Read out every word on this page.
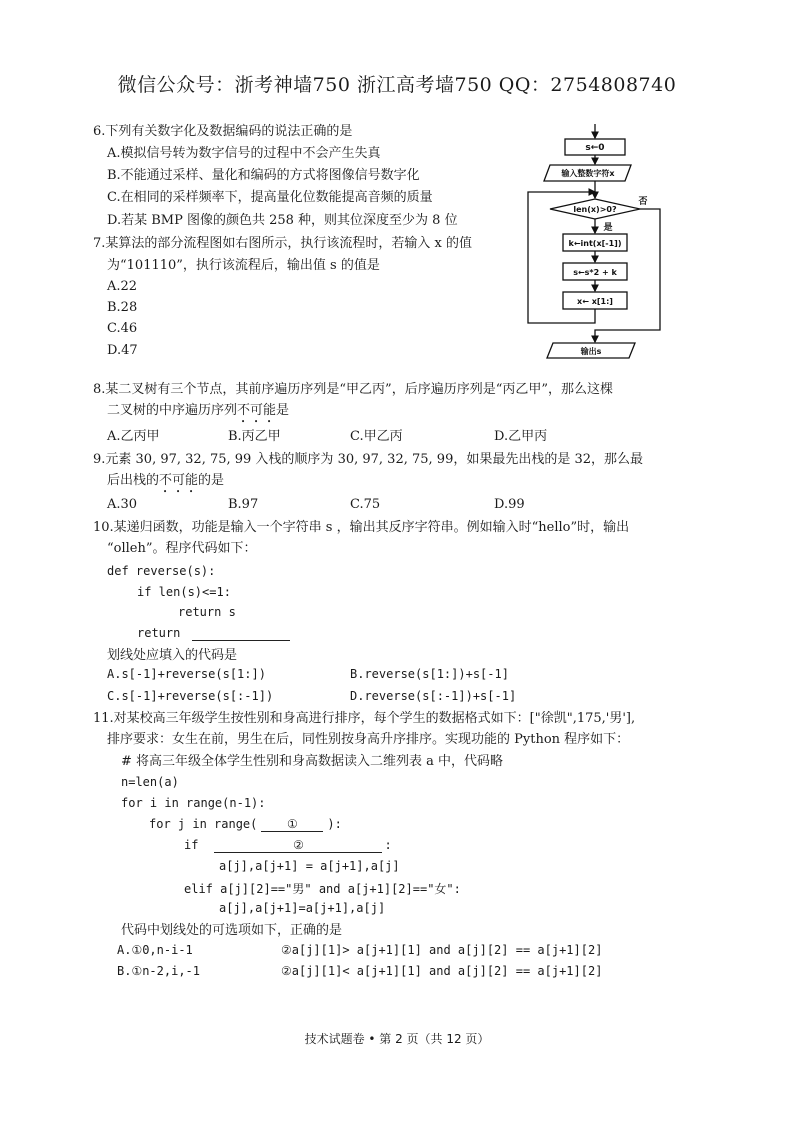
微信公众号：浙考神墙750 浙江高考墙750 QQ：2754808740
6.下列有关数字化及数据编码的说法正确的是
A.模拟信号转为数字信号的过程中不会产生失真
B.不能通过采样、量化和编码的方式将图像信号数字化
C.在相同的采样频率下，提高量化位数能提高音频的质量
D.若某 BMP 图像的颜色共 258 种，则其位深度至少为 8 位
7.某算法的部分流程图如右图所示，执行该流程时，若输入 x 的值
为“101110”，执行该流程后，输出值 s 的值是
A.22
B.28
C.46
D.47
s←0
输入整数字符x
len(x)>0?
是
否
k←int(x[-1])
s←s*2 + k
x← x[1:]
输出s
8.某二叉树有三个节点，其前序遍历序列是“甲乙丙”，后序遍历序列是“丙乙甲”，那么这棵
二叉树的中序遍历序列不可能是
A.乙丙甲	B.丙乙甲	C.甲乙丙	D.乙甲丙
9.元素 30, 97, 32, 75, 99 入栈的顺序为 30, 97, 32, 75, 99，如果最先出栈的是 32，那么最
后出栈的不可能的是
A.30	B.97	C.75	D.99
10.某递归函数，功能是输入一个字符串 s ，输出其反序字符串。例如输入时“hello”时，输出
“olleh”。程序代码如下：
def reverse(s):
if len(s)<=1:
return s
return
划线处应填入的代码是
A.s[-1]+reverse(s[1:])	B.reverse(s[1:])+s[-1]
C.s[-1]+reverse(s[:-1])	D.reverse(s[:-1])+s[-1]
11.对某校高三年级学生按性别和身高进行排序，每个学生的数据格式如下：["徐凯",175,'男'],
排序要求：女生在前，男生在后，同性别按身高升序排序。实现功能的 Python 程序如下：
# 将高三年级全体学生性别和身高数据读入二维列表 a 中，代码略
n=len(a)
for i in range(n-1):
for j in range( ① ):
if	②	:
a[j],a[j+1] = a[j+1],a[j]
elif a[j][2]=="男" and a[j+1][2]=="女":
a[j],a[j+1]=a[j+1],a[j]
代码中划线处的可选项如下，正确的是
A.①0,n-i-1	②a[j][1]> a[j+1][1] and a[j][2] == a[j+1][2]
B.①n-2,i,-1	②a[j][1]< a[j+1][1] and a[j][2] == a[j+1][2]
技术试题卷 • 第 2 页（共 12 页）
